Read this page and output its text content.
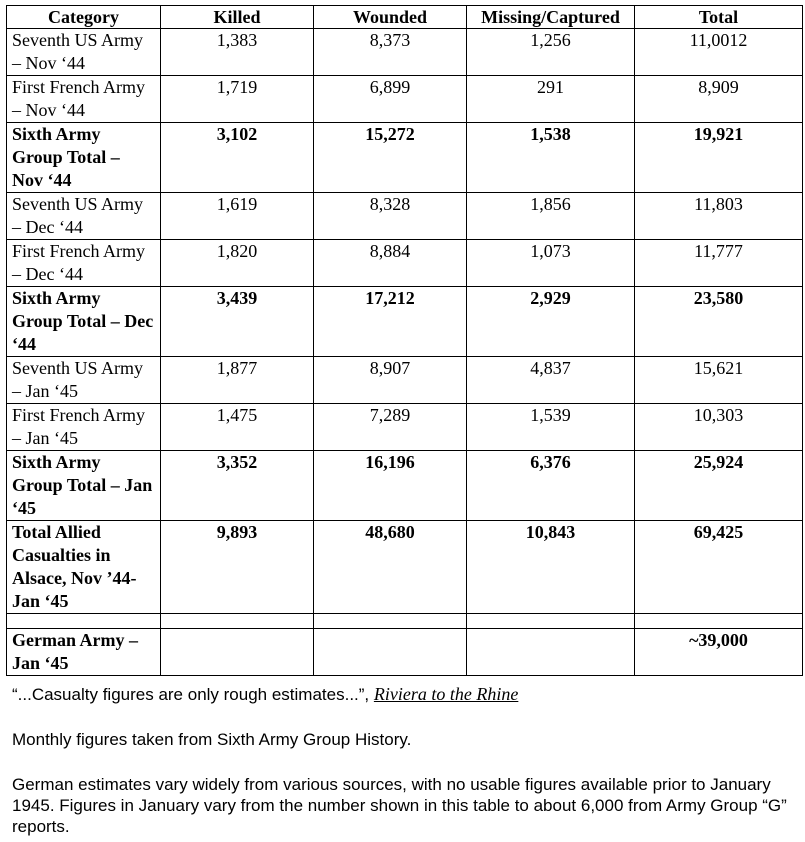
Category	Killed	Wounded	Missing/Captured	Total
Seventh US Army – Nov ‘44	1,383	8,373	1,256	11,0012
First French Army – Nov ‘44	1,719	6,899	291	8,909
Sixth Army Group Total – Nov ‘44	3,102	15,272	1,538	19,921
Seventh US Army – Dec ‘44	1,619	8,328	1,856	11,803
First French Army – Dec ‘44	1,820	8,884	1,073	11,777
Sixth Army Group Total – Dec ‘44	3,439	17,212	2,929	23,580
Seventh US Army – Jan ‘45	1,877	8,907	4,837	15,621
First French Army – Jan ‘45	1,475	7,289	1,539	10,303
Sixth Army Group Total – Jan ‘45	3,352	16,196	6,376	25,924
Total Allied Casualties in Alsace, Nov ’44-Jan ‘45	9,893	48,680	10,843	69,425

German Army – Jan ‘45				~39,000

“...Casualty figures are only rough estimates...”, Riviera to the Rhine

Monthly figures taken from Sixth Army Group History.

German estimates vary widely from various sources, with no usable figures available prior to January 1945. Figures in January vary from the number shown in this table to about 6,000 from Army Group “G” reports.
